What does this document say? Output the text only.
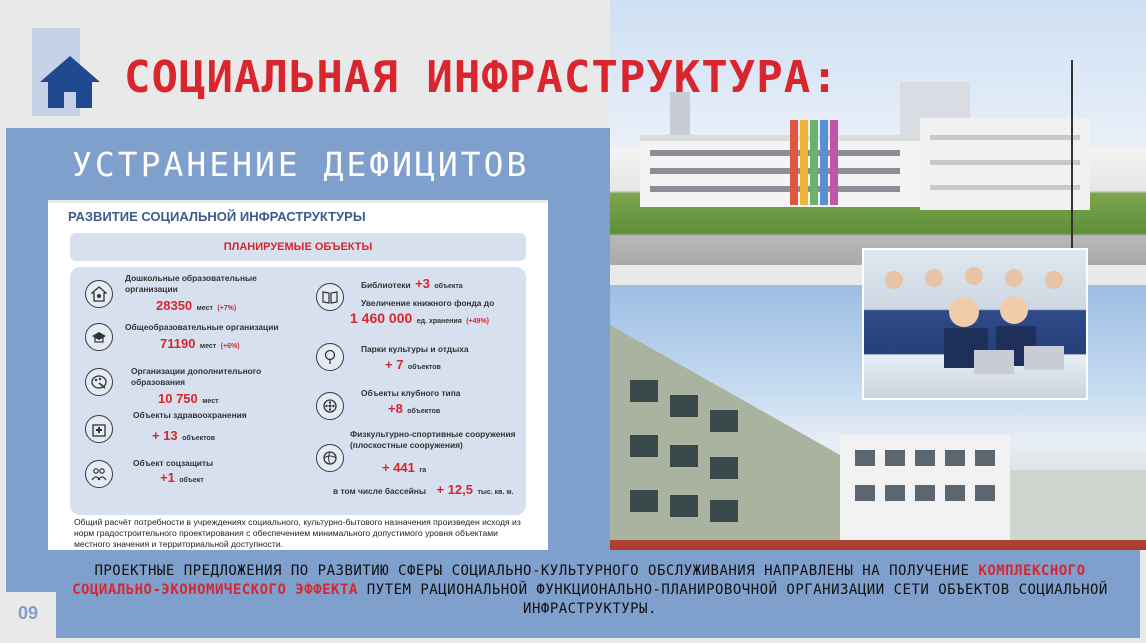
СОЦИАЛЬНАЯ ИНФРАСТРУКТУРА:
УСТРАНЕНИЕ ДЕФИЦИТОВ
РАЗВИТИЕ СОЦИАЛЬНОЙ ИНФРАСТРУКТУРЫ
ПЛАНИРУЕМЫЕ ОБЪЕКТЫ
Дошкольные образовательные
организации
28350 мест (+7%)
Общеобразовательные организации
71190 мест (+6%)
Организации дополнительного
образования
10 750 мест
Объекты здравоохранения
+ 13 объектов
Объект соцзащиты
+1 объект
Библиотеки +3 объекта
Увеличение книжного фонда до
1 460 000 ед. хранения (+49%)
Парки культуры и отдыха
+ 7 объектов
Объекты клубного типа
+8 объектов
Физкультурно-спортивные сооружения
(плоскостные сооружения)
+ 441 га
в том числе бассейны + 12,5 тыс. кв. м.
Общий расчёт потребности в учреждениях социального, культурно-бытового назначения произведен исходя из норм градостроительного проектирования с обеспечением минимального допустимого уровня объектами местного значения и территориальной доступности.
ПРОЕКТНЫЕ ПРЕДЛОЖЕНИЯ ПО РАЗВИТИЮ СФЕРЫ СОЦИАЛЬНО-КУЛЬТУРНОГО ОБСЛУЖИВАНИЯ НАПРАВЛЕНЫ НА ПОЛУЧЕНИЕ КОМПЛЕКСНОГО СОЦИАЛЬНО-ЭКОНОМИЧЕСКОГО ЭФФЕКТА ПУТЕМ РАЦИОНАЛЬНОЙ ФУНКЦИОНАЛЬНО-ПЛАНИРОВОЧНОЙ ОРГАНИЗАЦИИ СЕТИ ОБЪЕКТОВ СОЦИАЛЬНОЙ ИНФРАСТРУКТУРЫ.
09
